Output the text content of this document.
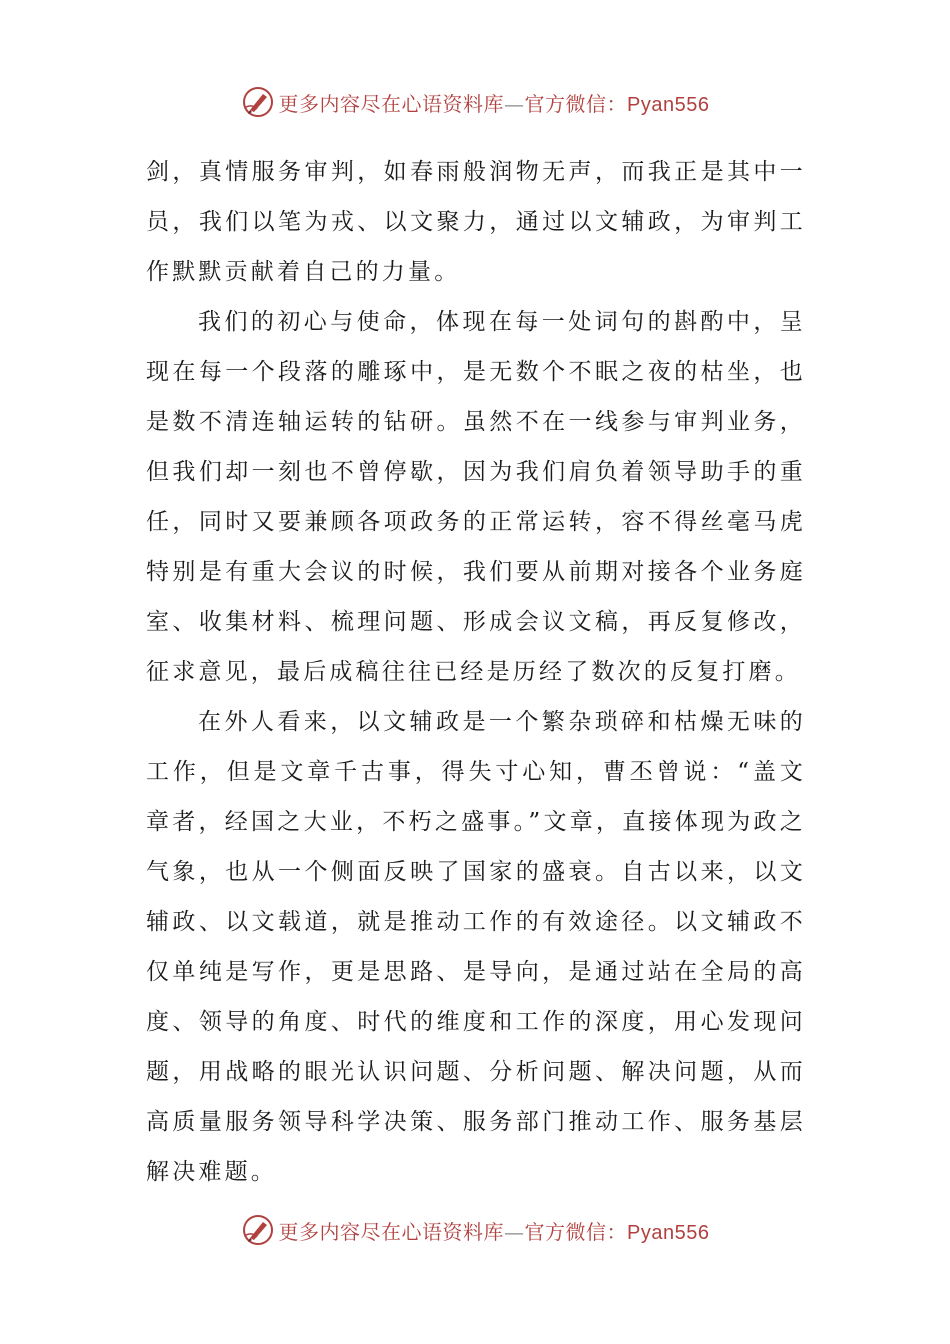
更多内容尽在心语资料库—官方微信：Pyan556

剑，真情服务审判，如春雨般润物无声，而我正是其中一员，我们以笔为戎、以文聚力，通过以文辅政，为审判工作默默贡献着自己的力量。

我们的初心与使命，体现在每一处词句的斟酌中，呈现在每一个段落的雕琢中，是无数个不眠之夜的枯坐，也是数不清连轴运转的钻研。虽然不在一线参与审判业务，但我们却一刻也不曾停歇，因为我们肩负着领导助手的重任，同时又要兼顾各项政务的正常运转，容不得丝毫马虎特别是有重大会议的时候，我们要从前期对接各个业务庭室、收集材料、梳理问题、形成会议文稿，再反复修改，征求意见，最后成稿往往已经是历经了数次的反复打磨。

在外人看来，以文辅政是一个繁杂琐碎和枯燥无味的工作，但是文章千古事，得失寸心知，曹丕曾说：“盖文章者，经国之大业，不朽之盛事。”文章，直接体现为政之气象，也从一个侧面反映了国家的盛衰。自古以来，以文辅政、以文载道，就是推动工作的有效途径。以文辅政不仅单纯是写作，更是思路、是导向，是通过站在全局的高度、领导的角度、时代的维度和工作的深度，用心发现问题，用战略的眼光认识问题、分析问题、解决问题，从而高质量服务领导科学决策、服务部门推动工作、服务基层解决难题。

更多内容尽在心语资料库—官方微信：Pyan556
